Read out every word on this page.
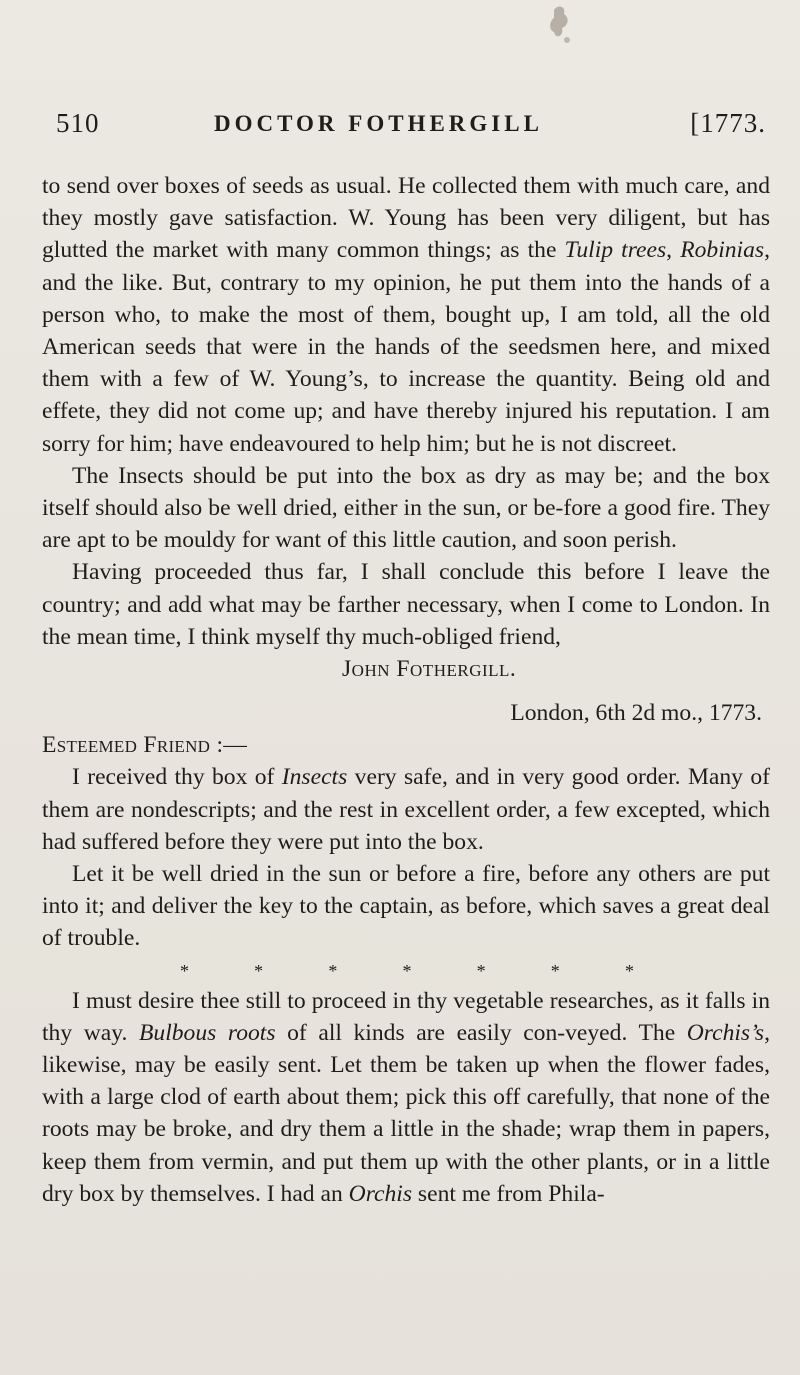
510	DOCTOR FOTHERGILL	[1773.

to send over boxes of seeds as usual. He collected them with much care, and they mostly gave satisfaction. W. Young has been very diligent, but has glutted the market with many common things; as the Tulip trees, Robinias, and the like. But, contrary to my opinion, he put them into the hands of a person who, to make the most of them, bought up, I am told, all the old American seeds that were in the hands of the seedsmen here, and mixed them with a few of W. Young’s, to increase the quantity. Being old and effete, they did not come up; and have thereby injured his reputation. I am sorry for him; have endeavoured to help him; but he is not discreet.

The Insects should be put into the box as dry as may be; and the box itself should also be well dried, either in the sun, or be-fore a good fire. They are apt to be mouldy for want of this little caution, and soon perish.

Having proceeded thus far, I shall conclude this before I leave the country; and add what may be farther necessary, when I come to London. In the mean time, I think myself thy much-obliged friend,

John Fothergill.

London, 6th 2d mo., 1773.

Esteemed Friend :—

I received thy box of Insects very safe, and in very good order. Many of them are nondescripts; and the rest in excellent order, a few excepted, which had suffered before they were put into the box.

Let it be well dried in the sun or before a fire, before any others are put into it; and deliver the key to the captain, as before, which saves a great deal of trouble.

*	*	*	*	*	*	*

I must desire thee still to proceed in thy vegetable researches, as it falls in thy way. Bulbous roots of all kinds are easily con-veyed. The Orchis’s, likewise, may be easily sent. Let them be taken up when the flower fades, with a large clod of earth about them; pick this off carefully, that none of the roots may be broke, and dry them a little in the shade; wrap them in papers, keep them from vermin, and put them up with the other plants, or in a little dry box by themselves. I had an Orchis sent me from Phila-
